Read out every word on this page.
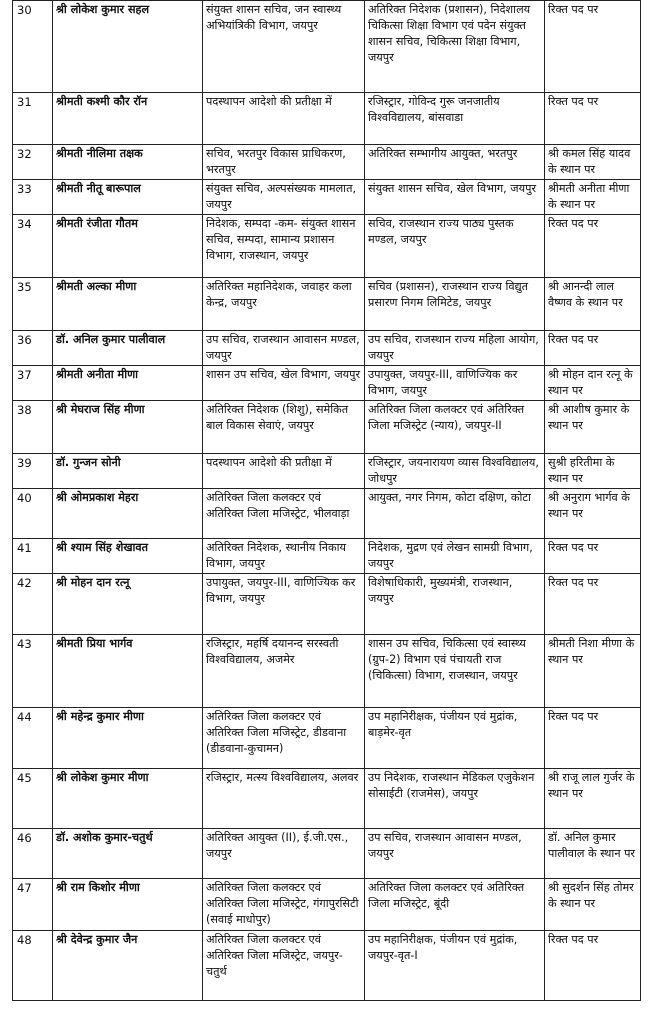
30	श्री लोकेश कुमार सहल	संयुक्त शासन सचिव, जन स्वास्थ्य अभियांत्रिकी विभाग, जयपुर	अतिरिक्त निदेशक (प्रशासन), निदेशालय चिकित्सा शिक्षा विभाग एवं पदेन संयुक्त शासन सचिव, चिकित्सा शिक्षा विभाग, जयपुर	रिक्त पद पर
31	श्रीमती कश्मी कौर रॉन	पदस्थापन आदेशो की प्रतीक्षा में	रजिस्ट्रार, गोविन्द गुरू जनजातीय विश्वविद्यालय, बांसवाडा	रिक्त पद पर
32	श्रीमती नीलिमा तक्षक	सचिव, भरतपुर विकास प्राधिकरण, भरतपुर	अतिरिक्त सम्भागीय आयुक्त, भरतपुर	श्री कमल सिंह यादव के स्थान पर
33	श्रीमती नीतू बारूपाल	संयुक्त सचिव, अल्पसंख्यक मामलात, जयपुर	संयुक्त शासन सचिव, खेल विभाग, जयपुर	श्रीमती अनीता मीणा के स्थान पर
34	श्रीमती रंजीता गौतम	निदेशक, सम्पदा -कम- संयुक्त शासन सचिव, सम्पदा, सामान्य प्रशासन विभाग, राजस्थान, जयपुर	सचिव, राजस्थान राज्य पाठ्य पुस्तक मण्डल, जयपुर	रिक्त पद पर
35	श्रीमती अल्का मीणा	अतिरिक्त महानिदेशक, जवाहर कला केन्द्र, जयपुर	सचिव (प्रशासन), राजस्थान राज्य विद्युत प्रसारण निगम लिमिटेड, जयपुर	श्री आनन्दी लाल वैष्णव के स्थान पर
36	डॉ. अनिल कुमार पालीवाल	उप सचिव, राजस्थान आवासन मण्डल, जयपुर	उप सचिव, राजस्थान राज्य महिला आयोग, जयपुर	रिक्त पद पर
37	श्रीमती अनीता मीणा	शासन उप सचिव, खेल विभाग, जयपुर	उपायुक्त, जयपुर-III, वाणिज्यिक कर विभाग, जयपुर	श्री मोहन दान रत्नू के स्थान पर
38	श्री मेघराज सिंह मीणा	अतिरिक्त निदेशक (शिशु), समेकित बाल विकास सेवाएं, जयपुर	अतिरिक्त जिला कलक्टर एवं अतिरिक्त जिला मजिस्ट्रेट (न्याय), जयपुर-II	श्री आशीष कुमार के स्थान पर
39	डॉ. गुन्जन सोनी	पदस्थापन आदेशो की प्रतीक्षा में	रजिस्ट्रार, जयनारायण व्यास विश्वविद्यालय, जोधपुर	सुश्री हरितीमा के स्थान पर
40	श्री ओमप्रकाश मेहरा	अतिरिक्त जिला कलक्टर एवं अतिरिक्त जिला मजिस्ट्रेट, भीलवाड़ा	आयुक्त, नगर निगम, कोटा दक्षिण, कोटा	श्री अनुराग भार्गव के स्थान पर
41	श्री श्याम सिंह शेखावत	अतिरिक्त निदेशक, स्थानीय निकाय विभाग, जयपुर	निदेशक, मुद्रण एवं लेखन सामग्री विभाग, जयपुर	रिक्त पद पर
42	श्री मोहन दान रत्नू	उपायुक्त, जयपुर-III, वाणिज्यिक कर विभाग, जयपुर	विशेषाधिकारी, मुख्यमंत्री, राजस्थान, जयपुर	रिक्त पद पर
43	श्रीमती प्रिया भार्गव	रजिस्ट्रार, महर्षि दयानन्द सरस्वती विश्वविद्यालय, अजमेर	शासन उप सचिव, चिकित्सा एवं स्वास्थ्य (ग्रुप-2) विभाग एवं पंचायती राज (चिकित्सा) विभाग, राजस्थान, जयपुर	श्रीमती निशा मीणा के स्थान पर
44	श्री महेन्द्र कुमार मीणा	अतिरिक्त जिला कलक्टर एवं अतिरिक्त जिला मजिस्ट्रेट, डीडवाना (डीडवाना-कुचामन)	उप महानिरीक्षक, पंजीयन एवं मुद्रांक, बाड़मेर-वृत	रिक्त पद पर
45	श्री लोकेश कुमार मीणा	रजिस्ट्रार, मत्स्य विश्वविद्यालय, अलवर	उप निदेशक, राजस्थान मेडिकल एजुकेशन सोसाईटी (राजमेस), जयपुर	श्री राजू लाल गुर्जर के स्थान पर
46	डॉ. अशोक कुमार-चतुर्थ	अतिरिक्त आयुक्त (II), ई.जी.एस., जयपुर	उप सचिव, राजस्थान आवासन मण्डल, जयपुर	डॉ. अनिल कुमार पालीवाल के स्थान पर
47	श्री राम किशोर मीणा	अतिरिक्त जिला कलक्टर एवं अतिरिक्त जिला मजिस्ट्रेट, गंगापुरसिटी (सवाई माधोपुर)	अतिरिक्त जिला कलक्टर एवं अतिरिक्त जिला मजिस्ट्रेट, बूंदी	श्री सुदर्शन सिंह तोमर के स्थान पर
48	श्री देवेन्द्र कुमार जैन	अतिरिक्त जिला कलक्टर एवं अतिरिक्त जिला मजिस्ट्रेट, जयपुर-चतुर्थ	उप महानिरीक्षक, पंजीयन एवं मुद्रांक, जयपुर-वृत-I	रिक्त पद पर
